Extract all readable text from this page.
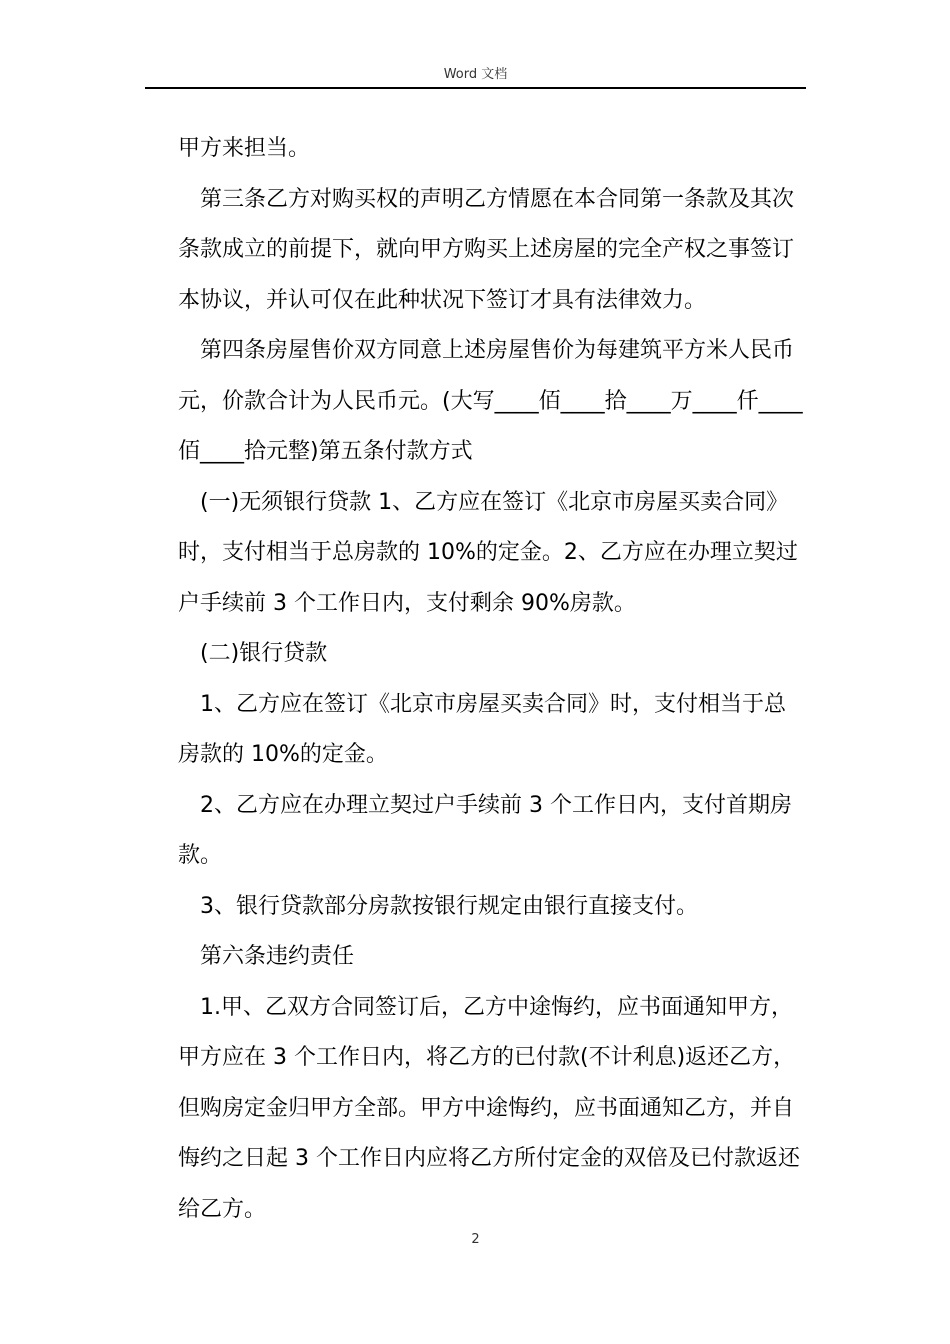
Word 文档

甲方来担当。

第三条乙方对购买权的声明乙方情愿在本合同第一条款及其次条款成立的前提下，就向甲方购买上述房屋的完全产权之事签订本协议，并认可仅在此种状况下签订才具有法律效力。

第四条房屋售价双方同意上述房屋售价为每建筑平方米人民币元，价款合计为人民币元。(大写____佰____拾____万____仟____佰____拾元整)第五条付款方式

(一)无须银行贷款 1、乙方应在签订《北京市房屋买卖合同》时，支付相当于总房款的 10%的定金。2、乙方应在办理立契过户手续前 3 个工作日内，支付剩余 90%房款。

(二)银行贷款

1、乙方应在签订《北京市房屋买卖合同》时，支付相当于总房款的 10%的定金。

2、乙方应在办理立契过户手续前 3 个工作日内，支付首期房款。

3、银行贷款部分房款按银行规定由银行直接支付。

第六条违约责任

1.甲、乙双方合同签订后，乙方中途悔约，应书面通知甲方，甲方应在 3 个工作日内，将乙方的已付款(不计利息)返还乙方，但购房定金归甲方全部。甲方中途悔约，应书面通知乙方，并自悔约之日起 3 个工作日内应将乙方所付定金的双倍及已付款返还给乙方。

2
